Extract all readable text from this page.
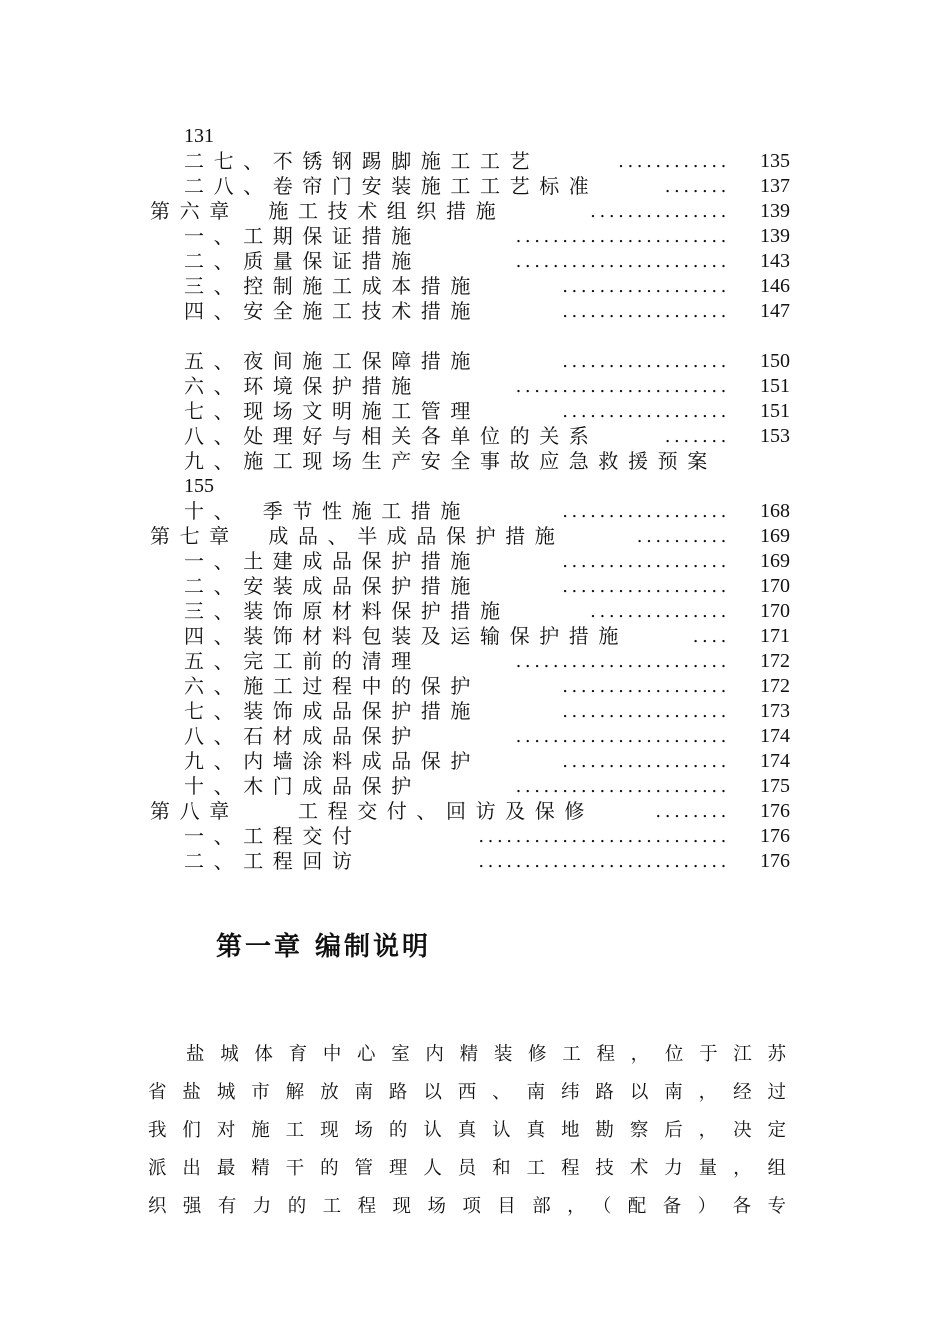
131
二七、不锈钢踢脚施工工艺	............	135
二八、卷帘门安装施工工艺标准	.......	137
第六章　施工技术组织措施	...............	139
一、工期保证措施	.......................	139
二、质量保证措施	.......................	143
三、控制施工成本措施	..................	146
四、安全施工技术措施	..................	147
五、夜间施工保障措施	..................	150
六、环境保护措施	.......................	151
七、现场文明施工管理	..................	151
八、处理好与相关各单位的关系	.......	153
九、施工现场生产安全事故应急救援预案
155
十、　季节性施工措施	..................	168
第七章　成品、半成品保护措施	..........	169
一、土建成品保护措施	..................	169
二、安装成品保护措施	..................	170
三、装饰原材料保护措施	...............	170
四、装饰材料包装及运输保护措施	....	171
五、完工前的清理	.......................	172
六、施工过程中的保护	..................	172
七、装饰成品保护措施	..................	173
八、石材成品保护	.......................	174
九、内墙涂料成品保护	..................	174
十、木门成品保护	.......................	175
第八章　　工程交付、回访及保修	........	176
一、工程交付	...........................	176
二、工程回访	...........................	176
第一章 编制说明
盐城体育中心室内精装修工程，位于江苏
省盐城市解放南路以西、南纬路以南，经过
我们对施工现场的认真认真地勘察后，决定
派出最精干的管理人员和工程技术力量，组
织强有力的工程现场项目部，（配备）各专
